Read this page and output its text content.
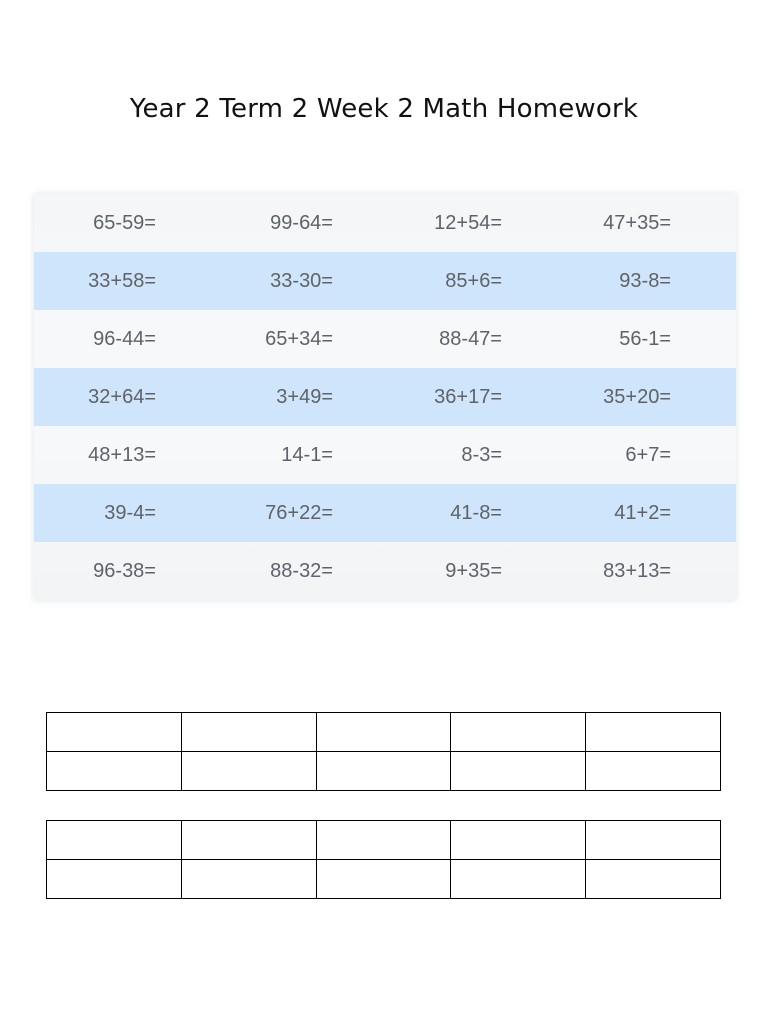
Year 2 Term 2 Week 2 Math Homework
65-59=	99-64=	12+54=	47+35=
33+58=	33-30=	85+6=	93-8=
96-44=	65+34=	88-47=	56-1=
32+64=	3+49=	36+17=	35+20=
48+13=	14-1=	8-3=	6+7=
39-4=	76+22=	41-8=	41+2=
96-38=	88-32=	9+35=	83+13=
